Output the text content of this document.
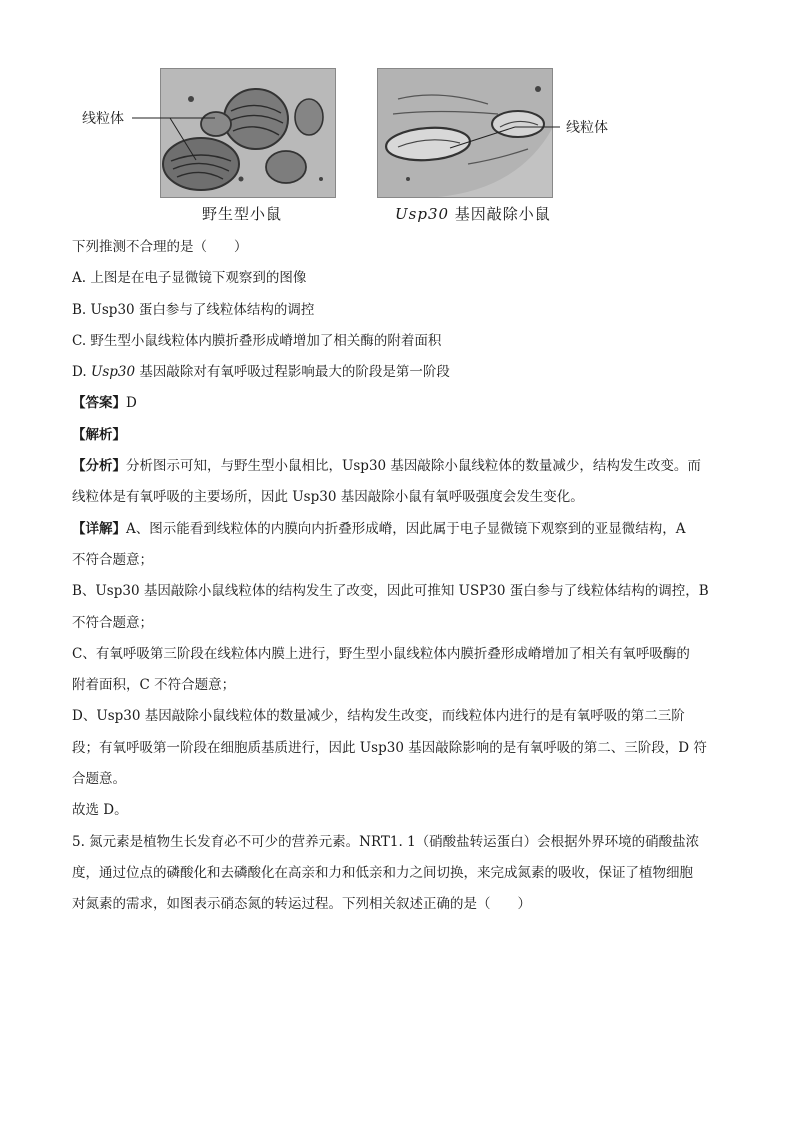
线粒体
线粒体
野生型小鼠	Usp30 基因敲除小鼠
下列推测不合理的是（　　）
A. 上图是在电子显微镜下观察到的图像
B. Usp30 蛋白参与了线粒体结构的调控
C. 野生型小鼠线粒体内膜折叠形成嵴增加了相关酶的附着面积
D. Usp30 基因敲除对有氧呼吸过程影响最大的阶段是第一阶段
【答案】D
【解析】
【分析】分析图示可知，与野生型小鼠相比，Usp30 基因敲除小鼠线粒体的数量减少，结构发生改变。而
线粒体是有氧呼吸的主要场所，因此 Usp30 基因敲除小鼠有氧呼吸强度会发生变化。
【详解】A、图示能看到线粒体的内膜向内折叠形成嵴，因此属于电子显微镜下观察到的亚显微结构，A
不符合题意；
B、Usp30 基因敲除小鼠线粒体的结构发生了改变，因此可推知 USP30 蛋白参与了线粒体结构的调控，B
不符合题意；
C、有氧呼吸第三阶段在线粒体内膜上进行，野生型小鼠线粒体内膜折叠形成嵴增加了相关有氧呼吸酶的
附着面积，C 不符合题意；
D、Usp30 基因敲除小鼠线粒体的数量减少，结构发生改变，而线粒体内进行的是有氧呼吸的第二三阶
段；有氧呼吸第一阶段在细胞质基质进行，因此 Usp30 基因敲除影响的是有氧呼吸的第二、三阶段，D 符
合题意。
故选 D。
5. 氮元素是植物生长发育必不可少的营养元素。NRT1. 1（硝酸盐转运蛋白）会根据外界环境的硝酸盐浓
度，通过位点的磷酸化和去磷酸化在高亲和力和低亲和力之间切换，来完成氮素的吸收，保证了植物细胞
对氮素的需求，如图表示硝态氮的转运过程。下列相关叙述正确的是（　　）
